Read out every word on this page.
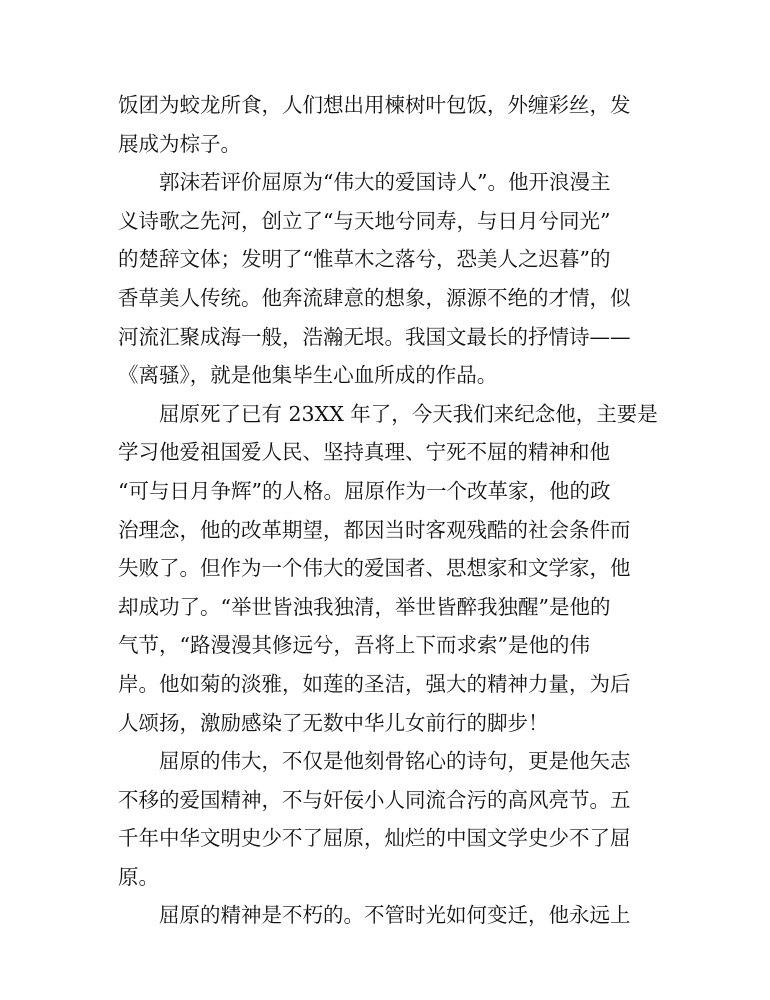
饭团为蛟龙所食，人们想出用楝树叶包饭，外缠彩丝，发
展成为棕子。
郭沫若评价屈原为“伟大的爱国诗人”。他开浪漫主
义诗歌之先河，创立了“与天地兮同寿，与日月兮同光”
的楚辞文体；发明了“惟草木之落兮，恐美人之迟暮”的
香草美人传统。他奔流肆意的想象，源源不绝的才情，似
河流汇聚成海一般，浩瀚无垠。我国文最长的抒情诗——
《离骚》，就是他集毕生心血所成的作品。
屈原死了已有 23XX 年了，今天我们来纪念他，主要是
学习他爱祖国爱人民、坚持真理、宁死不屈的精神和他
“可与日月争辉”的人格。屈原作为一个改革家，他的政
治理念，他的改革期望，都因当时客观残酷的社会条件而
失败了。但作为一个伟大的爱国者、思想家和文学家，他
却成功了。“举世皆浊我独清，举世皆醉我独醒”是他的
气节，“路漫漫其修远兮，吾将上下而求索”是他的伟
岸。他如菊的淡雅，如莲的圣洁，强大的精神力量，为后
人颂扬，激励感染了无数中华儿女前行的脚步！
屈原的伟大，不仅是他刻骨铭心的诗句，更是他矢志
不移的爱国精神，不与奸佞小人同流合污的高风亮节。五
千年中华文明史少不了屈原，灿烂的中国文学史少不了屈
原。
屈原的精神是不朽的。不管时光如何变迁，他永远上
